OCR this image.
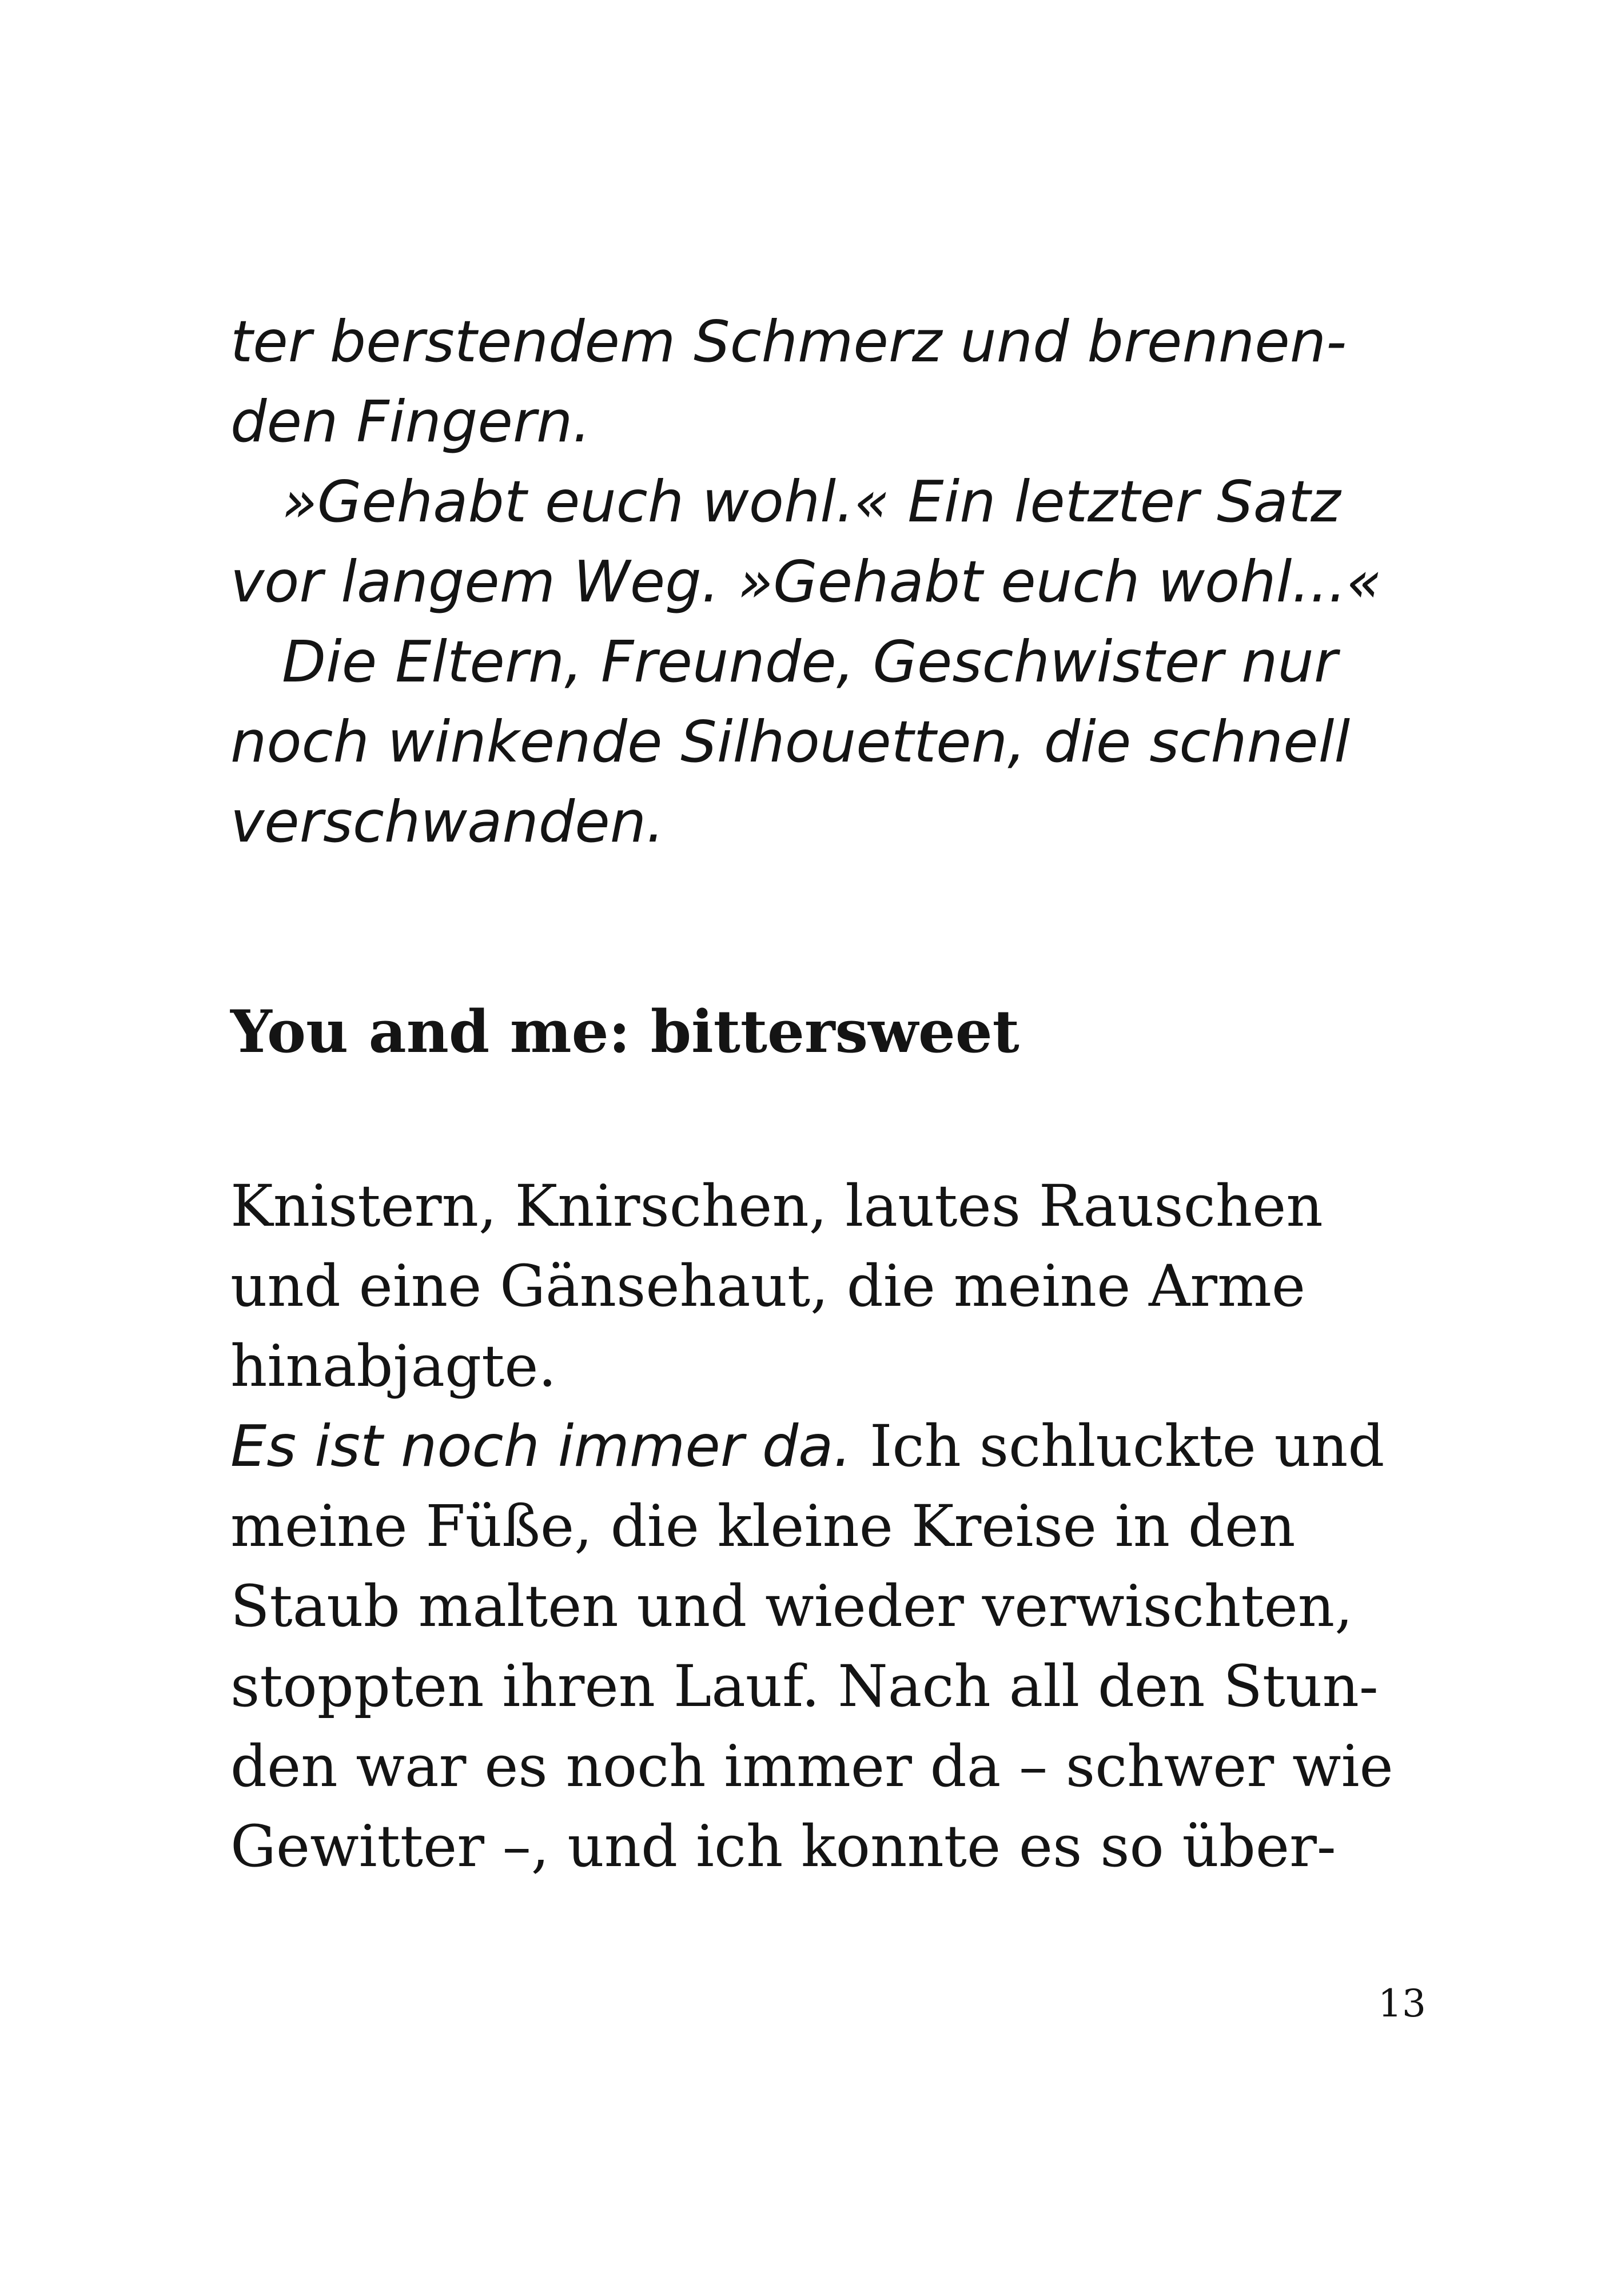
ter berstendem Schmerz und brennen-
den Fingern.
»Gehabt euch wohl.« Ein letzter Satz
vor langem Weg. »Gehabt euch wohl...«
Die Eltern, Freunde, Geschwister nur
noch winkende Silhouetten, die schnell
verschwanden.
You and me: bittersweet
Knistern, Knirschen, lautes Rauschen
und eine Gänsehaut, die meine Arme
hinabjagte.
Es ist noch immer da. Ich schluckte und
meine Füße, die kleine Kreise in den
Staub malten und wieder verwischten,
stoppten ihren Lauf. Nach all den Stun-
den war es noch immer da – schwer wie
Gewitter –, und ich konnte es so über-
13
